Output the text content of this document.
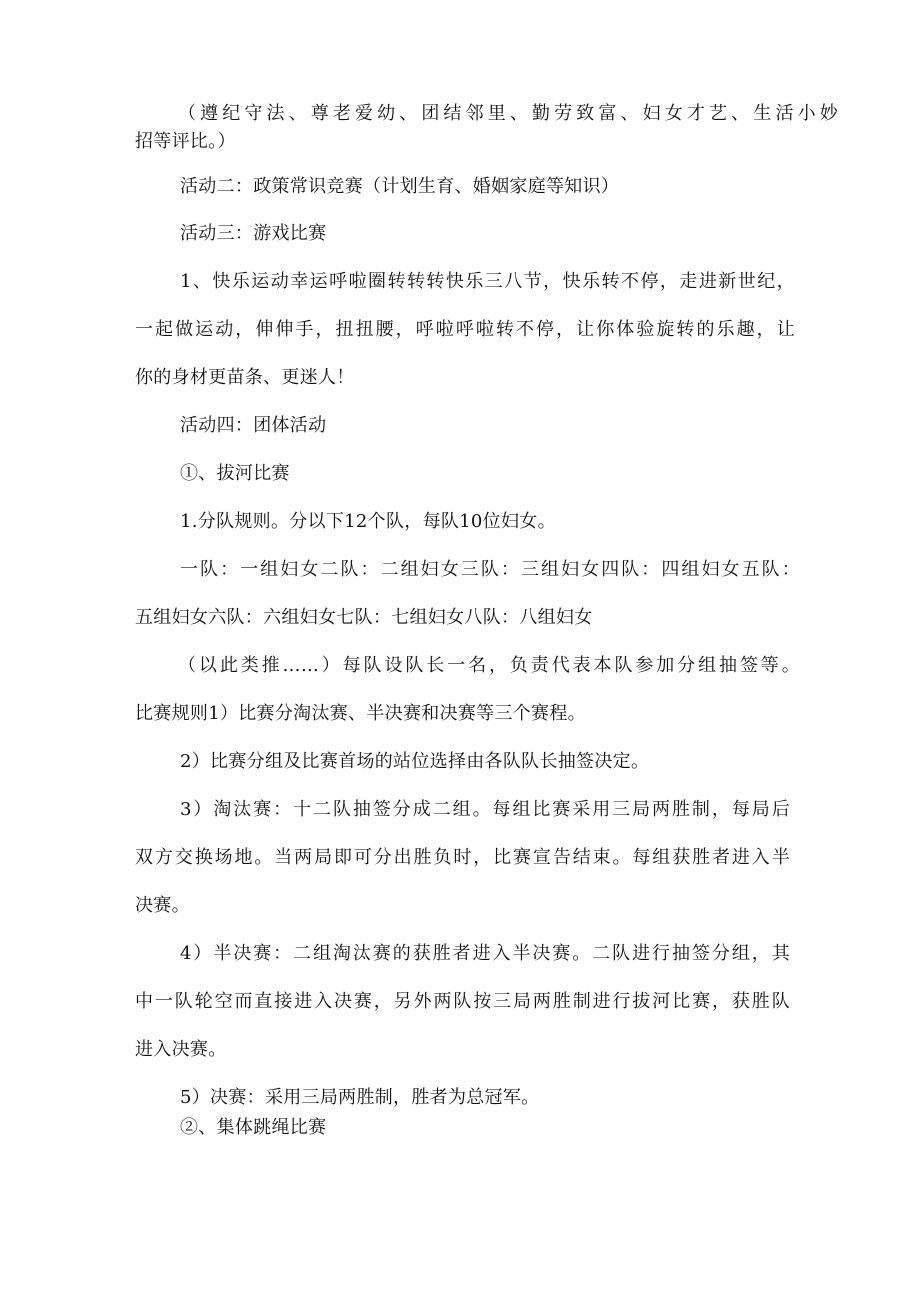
（遵纪守法、尊老爱幼、团结邻里、勤劳致富、妇女才艺、生活小妙
招等评比。）
活动二：政策常识竞赛（计划生育、婚姻家庭等知识）
活动三：游戏比赛
1、快乐运动幸运呼啦圈转转转快乐三八节，快乐转不停，走进新世纪，
一起做运动，伸伸手，扭扭腰，呼啦呼啦转不停，让你体验旋转的乐趣，让
你的身材更苗条、更迷人！
活动四：团体活动
①、拔河比赛
1.分队规则。分以下12个队，每队10位妇女。
一队：一组妇女二队：二组妇女三队：三组妇女四队：四组妇女五队：
五组妇女六队：六组妇女七队：七组妇女八队：八组妇女
（以此类推……）每队设队长一名，负责代表本队参加分组抽签等。
比赛规则1）比赛分淘汰赛、半决赛和决赛等三个赛程。
2）比赛分组及比赛首场的站位选择由各队队长抽签决定。
3）淘汰赛：十二队抽签分成二组。每组比赛采用三局两胜制，每局后
双方交换场地。当两局即可分出胜负时，比赛宣告结束。每组获胜者进入半
决赛。
4）半决赛：二组淘汰赛的获胜者进入半决赛。二队进行抽签分组，其
中一队轮空而直接进入决赛，另外两队按三局两胜制进行拔河比赛，获胜队
进入决赛。
5）决赛：采用三局两胜制，胜者为总冠军。
②、集体跳绳比赛
